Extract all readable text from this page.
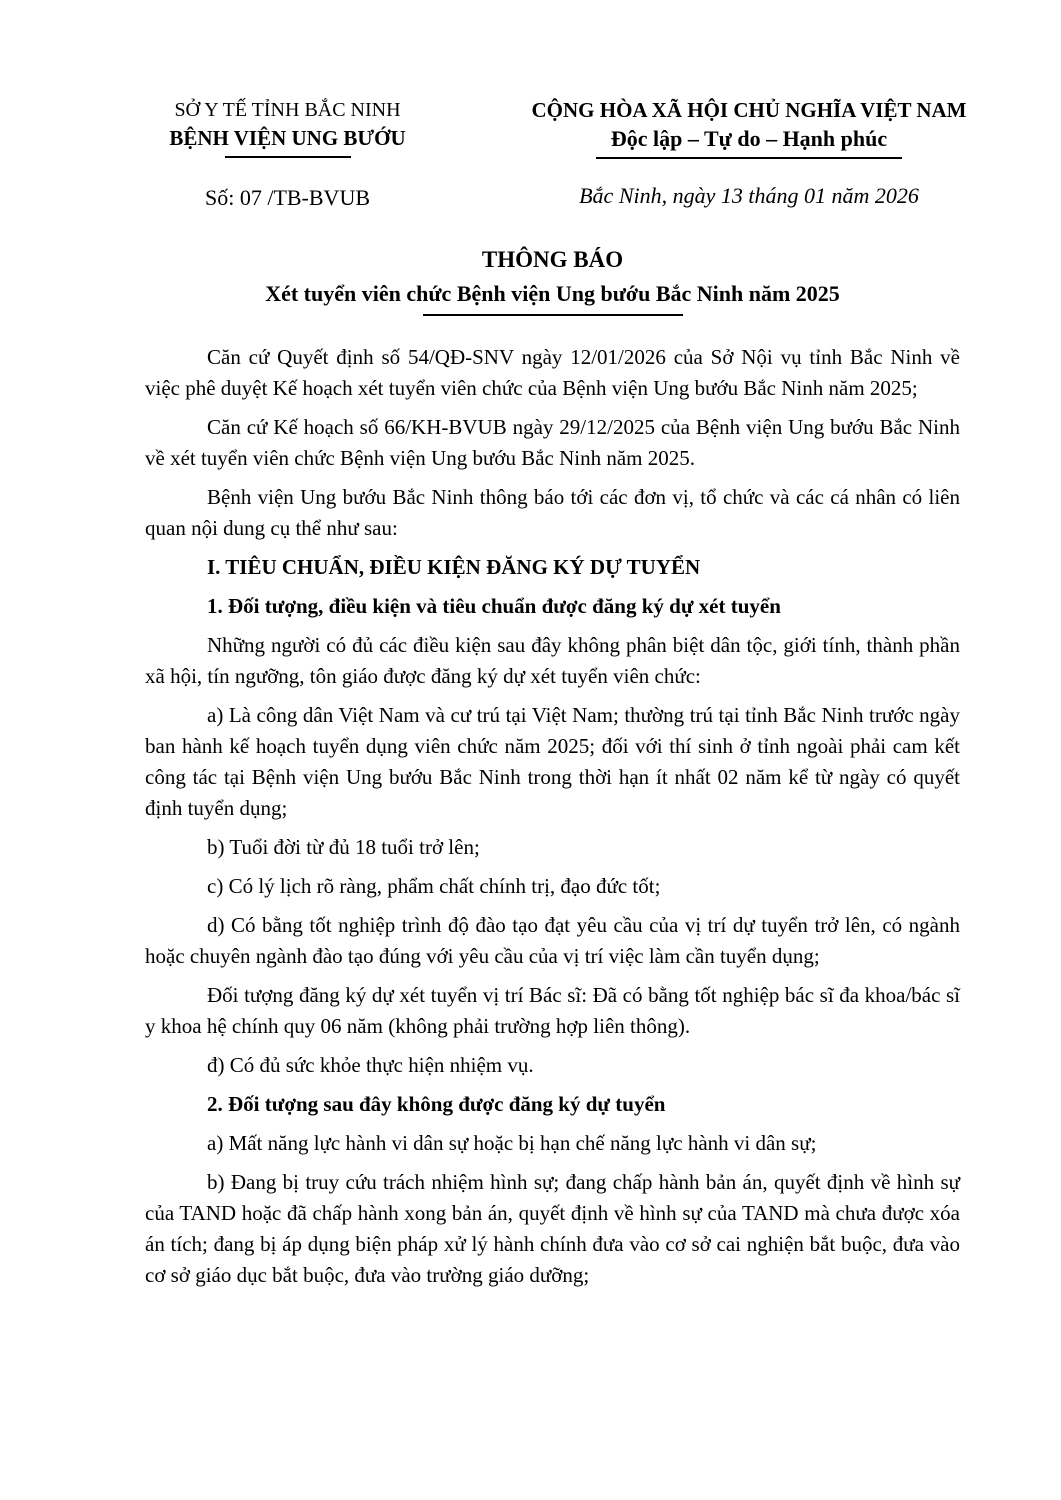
SỞ Y TẾ TỈNH BẮC NINH
BỆNH VIỆN UNG BƯỚU
Số: 07 /TB-BVUB
CỘNG HÒA XÃ HỘI CHỦ NGHĨA VIỆT NAM
Độc lập – Tự do – Hạnh phúc
Bắc Ninh, ngày 13 tháng 01 năm 2026
THÔNG BÁO
Xét tuyển viên chức Bệnh viện Ung bướu Bắc Ninh năm 2025

Căn cứ Quyết định số 54/QĐ-SNV ngày 12/01/2026 của Sở Nội vụ tỉnh Bắc Ninh về việc phê duyệt Kế hoạch xét tuyển viên chức của Bệnh viện Ung bướu Bắc Ninh năm 2025;

Căn cứ Kế hoạch số 66/KH-BVUB ngày 29/12/2025 của Bệnh viện Ung bướu Bắc Ninh về xét tuyển viên chức Bệnh viện Ung bướu Bắc Ninh năm 2025.

Bệnh viện Ung bướu Bắc Ninh thông báo tới các đơn vị, tổ chức và các cá nhân có liên quan nội dung cụ thể như sau:

I. TIÊU CHUẨN, ĐIỀU KIỆN ĐĂNG KÝ DỰ TUYỂN

1. Đối tượng, điều kiện và tiêu chuẩn được đăng ký dự xét tuyển

Những người có đủ các điều kiện sau đây không phân biệt dân tộc, giới tính, thành phần xã hội, tín ngưỡng, tôn giáo được đăng ký dự xét tuyển viên chức:

a) Là công dân Việt Nam và cư trú tại Việt Nam; thường trú tại tỉnh Bắc Ninh trước ngày ban hành kế hoạch tuyển dụng viên chức năm 2025; đối với thí sinh ở tỉnh ngoài phải cam kết công tác tại Bệnh viện Ung bướu Bắc Ninh trong thời hạn ít nhất 02 năm kể từ ngày có quyết định tuyển dụng;

b) Tuổi đời từ đủ 18 tuổi trở lên;

c) Có lý lịch rõ ràng, phẩm chất chính trị, đạo đức tốt;

d) Có bằng tốt nghiệp trình độ đào tạo đạt yêu cầu của vị trí dự tuyển trở lên, có ngành hoặc chuyên ngành đào tạo đúng với yêu cầu của vị trí việc làm cần tuyển dụng;

Đối tượng đăng ký dự xét tuyển vị trí Bác sĩ: Đã có bằng tốt nghiệp bác sĩ đa khoa/bác sĩ y khoa hệ chính quy 06 năm (không phải trường hợp liên thông).

đ) Có đủ sức khỏe thực hiện nhiệm vụ.

2. Đối tượng sau đây không được đăng ký dự tuyển

a) Mất năng lực hành vi dân sự hoặc bị hạn chế năng lực hành vi dân sự;

b) Đang bị truy cứu trách nhiệm hình sự; đang chấp hành bản án, quyết định về hình sự của TAND hoặc đã chấp hành xong bản án, quyết định về hình sự của TAND mà chưa được xóa án tích; đang bị áp dụng biện pháp xử lý hành chính đưa vào cơ sở cai nghiện bắt buộc, đưa vào cơ sở giáo dục bắt buộc, đưa vào trường giáo dưỡng;
